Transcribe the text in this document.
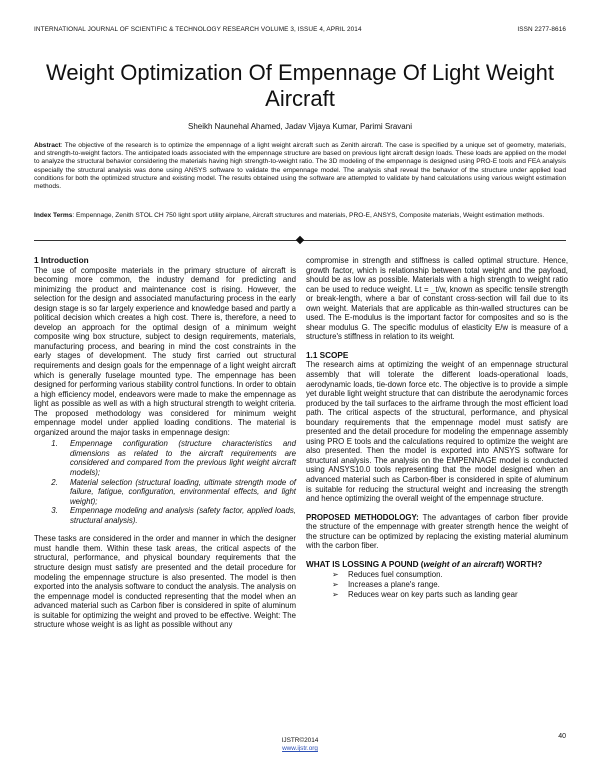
INTERNATIONAL JOURNAL OF SCIENTIFIC & TECHNOLOGY RESEARCH VOLUME 3, ISSUE 4, APRIL 2014	ISSN 2277-8616
Weight Optimization Of Empennage Of Light Weight Aircraft
Sheikh Naunehal Ahamed, Jadav Vijaya Kumar, Parimi Sravani
Abstract: The objective of the research is to optimize the empennage of a light weight aircraft such as Zenith aircraft. The case is specified by a unique set of geometry, materials, and strength-to-weight factors. The anticipated loads associated with the empennage structure are based on previous light aircraft design loads. These loads are applied on the model to analyze the structural behavior considering the materials having high strength-to-weight ratio. The 3D modeling of the empennage is designed using PRO-E tools and FEA analysis especially the structural analysis was done using ANSYS software to validate the empennage model. The analysis shall reveal the behavior of the structure under applied load conditions for both the optimized structure and existing model. The results obtained using the software are attempted to validate by hand calculations using various weight estimation methods.
Index Terms: Empennage, Zenith STOL CH 750 light sport utility airplane, Aircraft structures and materials, PRO-E, ANSYS, Composite materials, Weight estimation methods.

1 Introduction

The use of composite materials in the primary structure of aircraft is becoming more common, the industry demand for predicting and minimizing the product and maintenance cost is rising. However, the selection for the design and associated manufacturing process in the early design stage is so far largely experience and knowledge based and partly a political decision which creates a high cost. There is, therefore, a need to develop an approach for the optimal design of a minimum weight composite wing box structure, subject to design requirements, materials, manufacturing process, and bearing in mind the cost constraints in the early stages of development. The study first carried out structural requirements and design goals for the empennage of a light weight aircraft which is generally fuselage mounted type. The empennage has been designed for performing various stability control functions. In order to obtain a high efficiency model, endeavors were made to make the empennage as light as possible as well as with a high structural strength to weight criteria. The proposed methodology was considered for minimum weight empennage model under applied loading conditions. The material is organized around the major tasks in empennage design:

1. Empennage configuration (structure characteristics and dimensions as related to the aircraft requirements are considered and compared from the previous light weight aircraft models);
2. Material selection (structural loading, ultimate strength mode of failure, fatigue, configuration, environmental effects, and light weight);
3. Empennage modeling and analysis (safety factor, applied loads, structural analysis).

These tasks are considered in the order and manner in which the designer must handle them. Within these task areas, the critical aspects of the structural, performance, and physical boundary requirements that the structure design must satisfy are presented and the detail procedure for modeling the empennage structure is also presented. The model is then exported into the analysis software to conduct the analysis. The analysis on the empennage model is conducted representing that the model when an advanced material such as Carbon fiber is considered in spite of aluminum is suitable for optimizing the weight and proved to be effective. Weight: The structure whose weight is as light as possible without any

compromise in strength and stiffness is called optimal structure. Hence, growth factor, which is relationship between total weight and the payload, should be as low as possible. Materials with a high strength to weight ratio can be used to reduce weight. Lt = _t/w, known as specific tensile strength or break-length, where a bar of constant cross-section will fail due to its own weight. Materials that are applicable as thin-walled structures can be used. The E-modulus is the important factor for composites and so is the shear modulus G. The specific modulus of elasticity E/w is measure of a structure's stiffness in relation to its weight.

1.1 SCOPE

The research aims at optimizing the weight of an empennage structural assembly that will tolerate the different loads-operational loads, aerodynamic loads, tie-down force etc. The objective is to provide a simple yet durable light weight structure that can distribute the aerodynamic forces produced by the tail surfaces to the airframe through the most efficient load path. The critical aspects of the structural, performance, and physical boundary requirements that the empennage model must satisfy are presented and the detail procedure for modeling the empennage assembly using PRO E tools and the calculations required to optimize the weight are also presented. Then the model is exported into ANSYS software for structural analysis. The analysis on the EMPENNAGE model is conducted using ANSYS10.0 tools representing that the model designed when an advanced material such as Carbon-fiber is considered in spite of aluminum is suitable for reducing the structural weight and increasing the strength and hence optimizing the overall weight of the empennage structure.

PROPOSED METHODOLOGY: The advantages of carbon fiber provide the structure of the empennage with greater strength hence the weight of the structure can be optimized by replacing the existing material aluminum with the carbon fiber.

WHAT IS LOSSING A POUND (weight of an aircraft) WORTH?

➢ Reduces fuel consumption.
➢ Increases a plane's range.
➢ Reduces wear on key parts such as landing gear
40
IJSTR©2014
www.ijstr.org
